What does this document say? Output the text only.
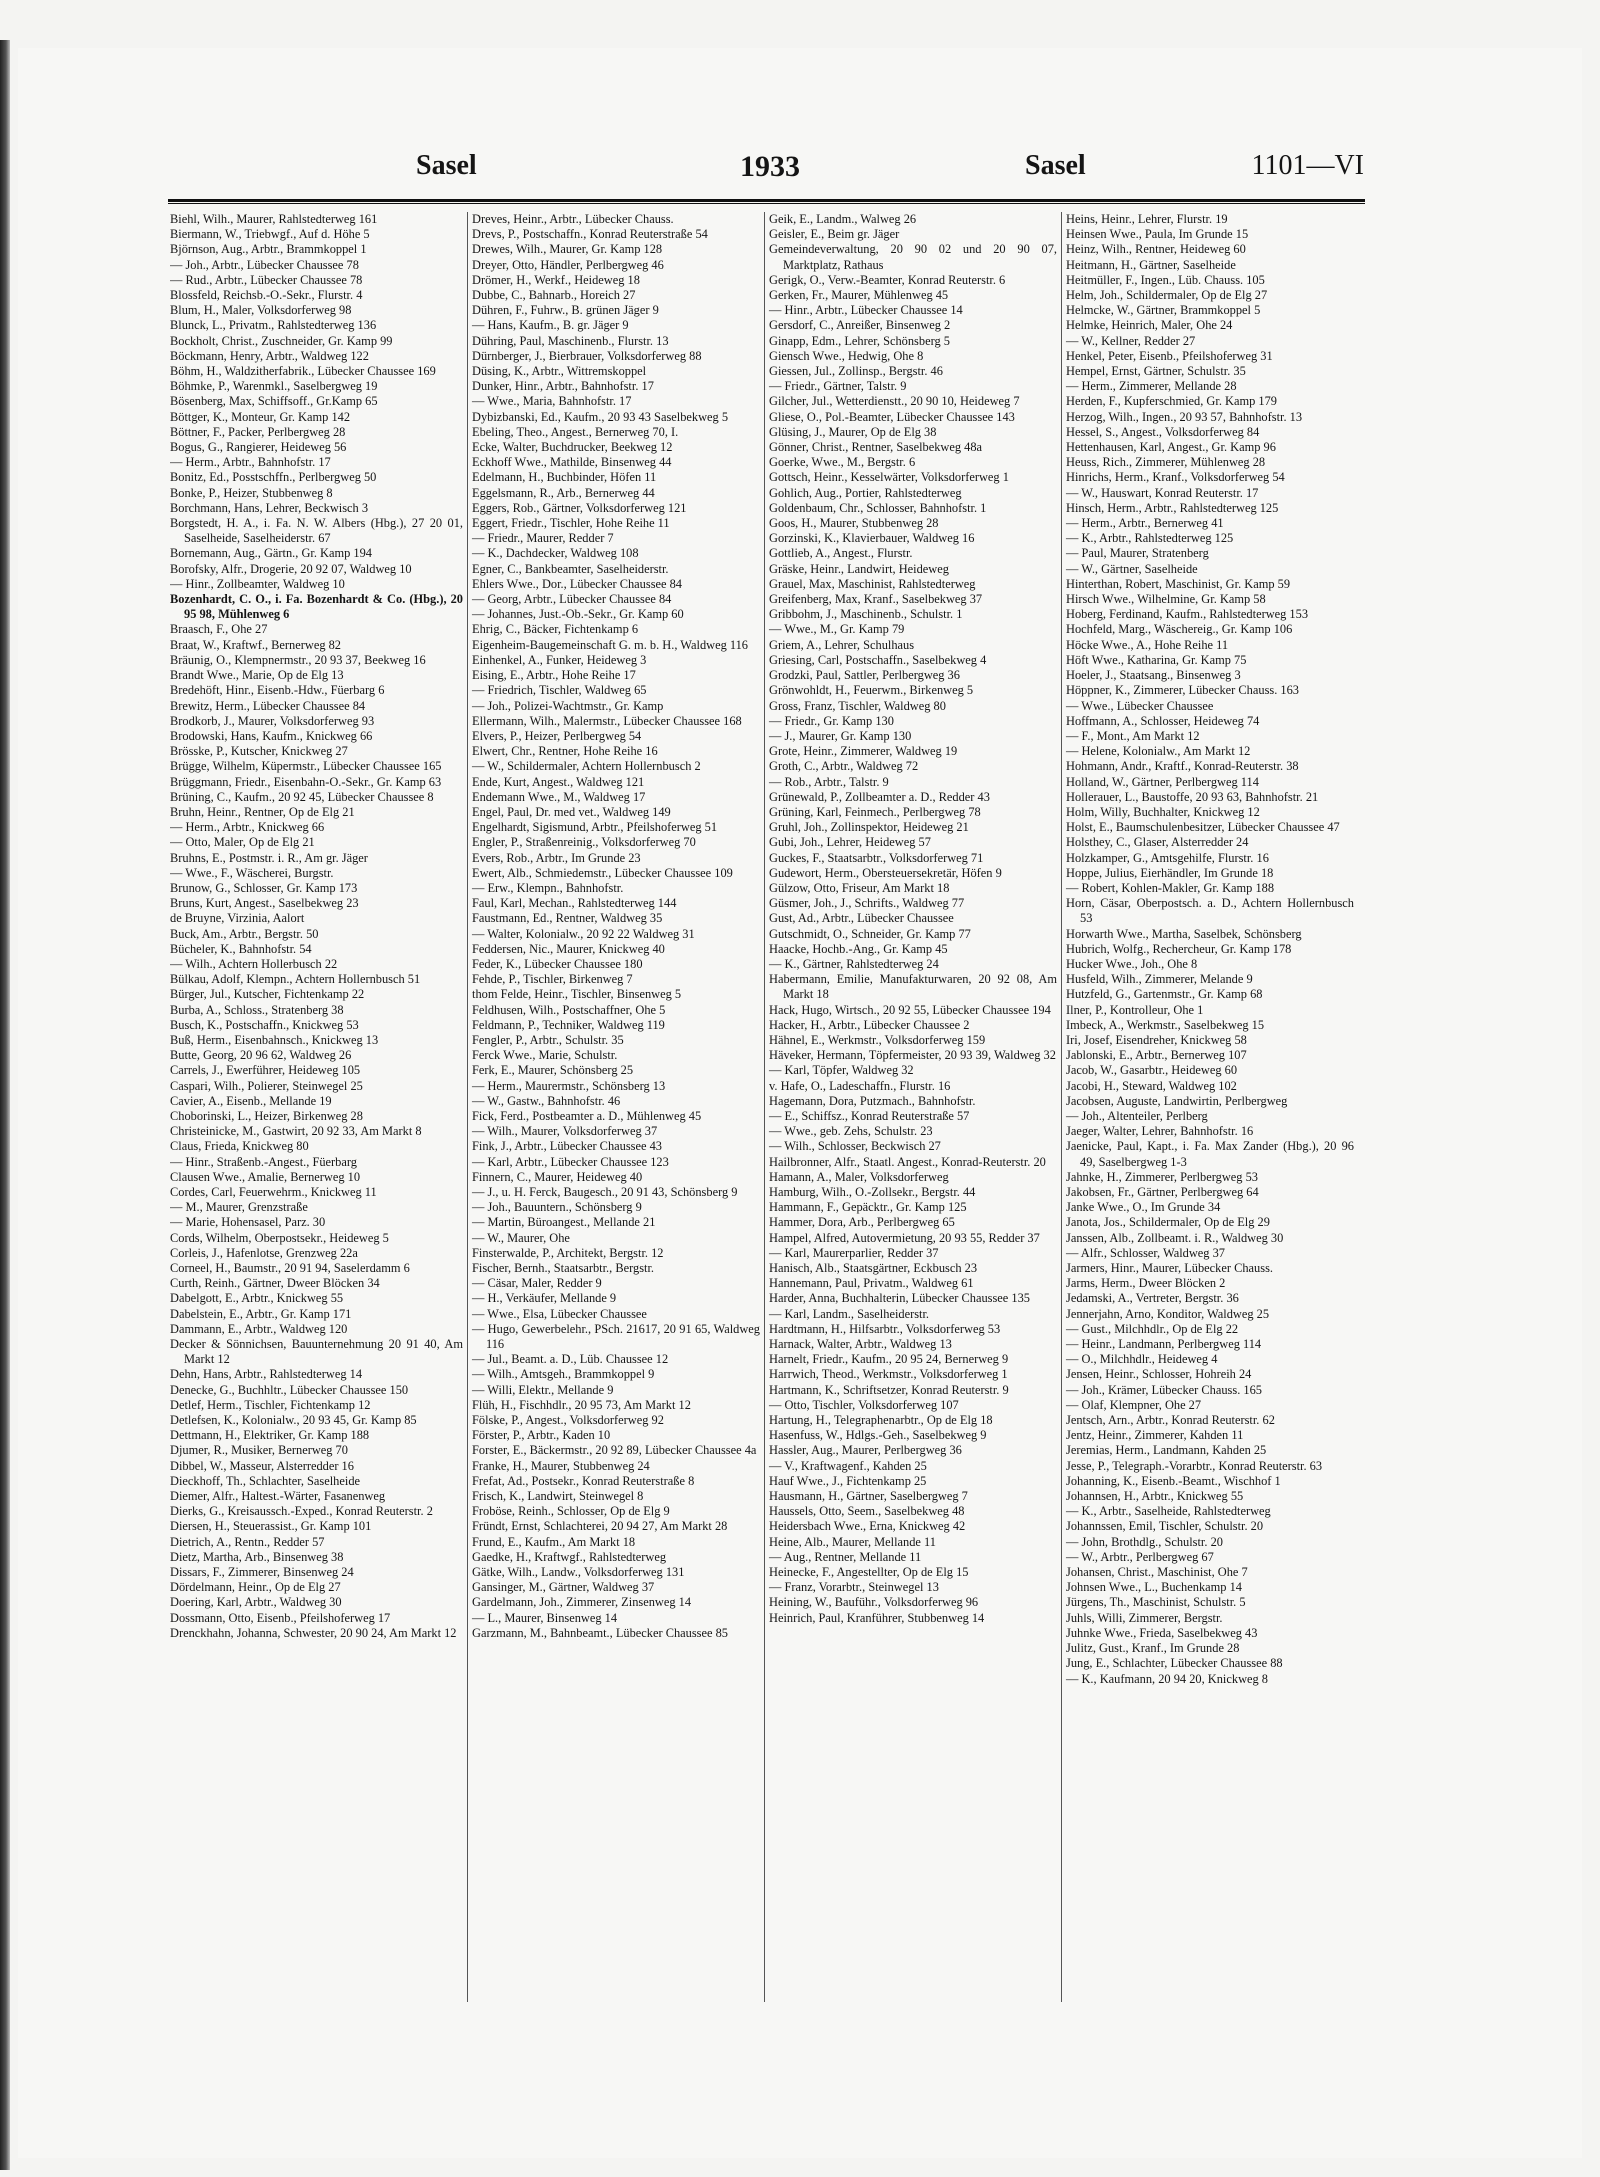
Sasel	1933	Sasel	1101—VI
Biehl, Wilh., Maurer, Rahlstedterweg 161
Biermann, W., Triebwgf., Auf d. Höhe 5
Björnson, Aug., Arbtr., Brammkoppel 1
— Joh., Arbtr., Lübecker Chaussee 78
— Rud., Arbtr., Lübecker Chaussee 78
Blossfeld, Reichsb.-O.-Sekr., Flurstr. 4
Blum, H., Maler, Volksdorferweg 98
Blunck, L., Privatm., Rahlstedterweg 136
Bockholt, Christ., Zuschneider, Gr. Kamp 99
Böckmann, Henry, Arbtr., Waldweg 122
Böhm, H., Waldzitherfabrik., Lübecker Chaussee 169
Böhmke, P., Warenmkl., Saselbergweg 19
Bösenberg, Max, Schiffsoff., Gr.Kamp 65
Böttger, K., Monteur, Gr. Kamp 142
Böttner, F., Packer, Perlbergweg 28
Bogus, G., Rangierer, Heideweg 56
— Herm., Arbtr., Bahnhofstr. 17
Bonitz, Ed., Posstschffn., Perlbergweg 50
Bonke, P., Heizer, Stubbenweg 8
Borchmann, Hans, Lehrer, Beckwisch 3
Borgstedt, H. A., i. Fa. N. W. Albers (Hbg.), 27 20 01, Saselheide, Saselheiderstr. 67
Bornemann, Aug., Gärtn., Gr. Kamp 194
Borofsky, Alfr., Drogerie, 20 92 07, Waldweg 10
— Hinr., Zollbeamter, Waldweg 10
Bozenhardt, C. O., i. Fa. Bozenhardt & Co. (Hbg.), 20 95 98, Mühlenweg 6
Braasch, F., Ohe 27
Braat, W., Kraftwf., Bernerweg 82
Bräunig, O., Klempnermstr., 20 93 37, Beekweg 16
Brandt Wwe., Marie, Op de Elg 13
Bredehöft, Hinr., Eisenb.-Hdw., Füerbarg 6
Brewitz, Herm., Lübecker Chaussee 84
Brodkorb, J., Maurer, Volksdorferweg 93
Brodowski, Hans, Kaufm., Knickweg 66
Brösske, P., Kutscher, Knickweg 27
Brügge, Wilhelm, Küpermstr., Lübecker Chaussee 165
Brüggmann, Friedr., Eisenbahn-O.-Sekr., Gr. Kamp 63
Brüning, C., Kaufm., 20 92 45, Lübecker Chaussee 8
Bruhn, Heinr., Rentner, Op de Elg 21
— Herm., Arbtr., Knickweg 66
— Otto, Maler, Op de Elg 21
Bruhns, E., Postmstr. i. R., Am gr. Jäger
— Wwe., F., Wäscherei, Burgstr.
Brunow, G., Schlosser, Gr. Kamp 173
Bruns, Kurt, Angest., Saselbekweg 23
de Bruyne, Virzinia, Aalort
Buck, Am., Arbtr., Bergstr. 50
Bücheler, K., Bahnhofstr. 54
— Wilh., Achtern Hollerbusch 22
Bülkau, Adolf, Klempn., Achtern Hollernbusch 51
Bürger, Jul., Kutscher, Fichtenkamp 22
Burba, A., Schloss., Stratenberg 38
Busch, K., Postschaffn., Knickweg 53
Buß, Herm., Eisenbahnsch., Knickweg 13
Butte, Georg, 20 96 62, Waldweg 26
Carrels, J., Ewerführer, Heideweg 105
Caspari, Wilh., Polierer, Steinwegel 25
Cavier, A., Eisenb., Mellande 19
Choborinski, L., Heizer, Birkenweg 28
Christeinicke, M., Gastwirt, 20 92 33, Am Markt 8
Claus, Frieda, Knickweg 80
— Hinr., Straßenb.-Angest., Füerbarg
Clausen Wwe., Amalie, Bernerweg 10
Cordes, Carl, Feuerwehrm., Knickweg 11
— M., Maurer, Grenzstraße
— Marie, Hohensasel, Parz. 30
Cords, Wilhelm, Oberpostsekr., Heideweg 5
Corleis, J., Hafenlotse, Grenzweg 22a
Corneel, H., Baumstr., 20 91 94, Saselerdamm 6
Curth, Reinh., Gärtner, Dweer Blöcken 34
Dabelgott, E., Arbtr., Knickweg 55
Dabelstein, E., Arbtr., Gr. Kamp 171
Dammann, E., Arbtr., Waldweg 120
Decker & Sönnichsen, Bauunternehmung 20 91 40, Am Markt 12
Dehn, Hans, Arbtr., Rahlstedterweg 14
Denecke, G., Buchhltr., Lübecker Chaussee 150
Detlef, Herm., Tischler, Fichtenkamp 12
Detlefsen, K., Kolonialw., 20 93 45, Gr. Kamp 85
Dettmann, H., Elektriker, Gr. Kamp 188
Djumer, R., Musiker, Bernerweg 70
Dibbel, W., Masseur, Alsterredder 16
Dieckhoff, Th., Schlachter, Saselheide
Diemer, Alfr., Haltest.-Wärter, Fasanenweg
Dierks, G., Kreisaussch.-Exped., Konrad Reuterstr. 2
Diersen, H., Steuerassist., Gr. Kamp 101
Dietrich, A., Rentn., Redder 57
Dietz, Martha, Arb., Binsenweg 38
Dissars, F., Zimmerer, Binsenweg 24
Dördelmann, Heinr., Op de Elg 27
Doering, Karl, Arbtr., Waldweg 30
Dossmann, Otto, Eisenb., Pfeilshoferweg 17
Drenckhahn, Johanna, Schwester, 20 90 24, Am Markt 12
Dreves, Heinr., Arbtr., Lübecker Chauss.
Drevs, P., Postschaffn., Konrad Reuterstraße 54
Drewes, Wilh., Maurer, Gr. Kamp 128
Dreyer, Otto, Händler, Perlbergweg 46
Drömer, H., Werkf., Heideweg 18
Dubbe, C., Bahnarb., Horeich 27
Dühren, F., Fuhrw., B. grünen Jäger 9
— Hans, Kaufm., B. gr. Jäger 9
Dühring, Paul, Maschinenb., Flurstr. 13
Dürnberger, J., Bierbrauer, Volksdorferweg 88
Düsing, K., Arbtr., Wittremskoppel
Dunker, Hinr., Arbtr., Bahnhofstr. 17
— Wwe., Maria, Bahnhofstr. 17
Dybizbanski, Ed., Kaufm., 20 93 43 Saselbekweg 5
Ebeling, Theo., Angest., Bernerweg 70, I.
Ecke, Walter, Buchdrucker, Beekweg 12
Eckhoff Wwe., Mathilde, Binsenweg 44
Edelmann, H., Buchbinder, Höfen 11
Eggelsmann, R., Arb., Bernerweg 44
Eggers, Rob., Gärtner, Volksdorferweg 121
Eggert, Friedr., Tischler, Hohe Reihe 11
— Friedr., Maurer, Redder 7
— K., Dachdecker, Waldweg 108
Egner, C., Bankbeamter, Saselheiderstr.
Ehlers Wwe., Dor., Lübecker Chaussee 84
— Georg, Arbtr., Lübecker Chaussee 84
— Johannes, Just.-Ob.-Sekr., Gr. Kamp 60
Ehrig, C., Bäcker, Fichtenkamp 6
Eigenheim-Baugemeinschaft G. m. b. H., Waldweg 116
Einhenkel, A., Funker, Heideweg 3
Eising, E., Arbtr., Hohe Reihe 17
— Friedrich, Tischler, Waldweg 65
— Joh., Polizei-Wachtmstr., Gr. Kamp
Ellermann, Wilh., Malermstr., Lübecker Chaussee 168
Elvers, P., Heizer, Perlbergweg 54
Elwert, Chr., Rentner, Hohe Reihe 16
— W., Schildermaler, Achtern Hollernbusch 2
Ende, Kurt, Angest., Waldweg 121
Endemann Wwe., M., Waldweg 17
Engel, Paul, Dr. med vet., Waldweg 149
Engelhardt, Sigismund, Arbtr., Pfeilshoferweg 51
Engler, P., Straßenreinig., Volksdorferweg 70
Evers, Rob., Arbtr., Im Grunde 23
Ewert, Alb., Schmiedemstr., Lübecker Chaussee 109
— Erw., Klempn., Bahnhofstr.
Faul, Karl, Mechan., Rahlstedterweg 144
Faustmann, Ed., Rentner, Waldweg 35
— Walter, Kolonialw., 20 92 22 Waldweg 31
Feddersen, Nic., Maurer, Knickweg 40
Feder, K., Lübecker Chaussee 180
Fehde, P., Tischler, Birkenweg 7
thom Felde, Heinr., Tischler, Binsenweg 5
Feldhusen, Wilh., Postschaffner, Ohe 5
Feldmann, P., Techniker, Waldweg 119
Fengler, P., Arbtr., Schulstr. 35
Ferck Wwe., Marie, Schulstr.
Ferk, E., Maurer, Schönsberg 25
— Herm., Maurermstr., Schönsberg 13
— W., Gastw., Bahnhofstr. 46
Fick, Ferd., Postbeamter a. D., Mühlenweg 45
— Wilh., Maurer, Volksdorferweg 37
Fink, J., Arbtr., Lübecker Chaussee 43
— Karl, Arbtr., Lübecker Chaussee 123
Finnern, C., Maurer, Heideweg 40
— J., u. H. Ferck, Baugesch., 20 91 43, Schönsberg 9
— Joh., Bauuntern., Schönsberg 9
— Martin, Büroangest., Mellande 21
— W., Maurer, Ohe
Finsterwalde, P., Architekt, Bergstr. 12
Fischer, Bernh., Staatsarbtr., Bergstr.
— Cäsar, Maler, Redder 9
— H., Verkäufer, Mellande 9
— Wwe., Elsa, Lübecker Chaussee
— Hugo, Gewerbelehr., PSch. 21617, 20 91 65, Waldweg 116
— Jul., Beamt. a. D., Lüb. Chaussee 12
— Wilh., Amtsgeh., Brammkoppel 9
— Willi, Elektr., Mellande 9
Flüh, H., Fischhdlr., 20 95 73, Am Markt 12
Fölske, P., Angest., Volksdorferweg 92
Förster, P., Arbtr., Kaden 10
Forster, E., Bäckermstr., 20 92 89, Lübecker Chaussee 4a
Franke, H., Maurer, Stubbenweg 24
Frefat, Ad., Postsekr., Konrad Reuterstraße 8
Frisch, K., Landwirt, Steinwegel 8
Froböse, Reinh., Schlosser, Op de Elg 9
Fründt, Ernst, Schlachterei, 20 94 27, Am Markt 28
Frund, E., Kaufm., Am Markt 18
Gaedke, H., Kraftwgf., Rahlstedterweg
Gätke, Wilh., Landw., Volksdorferweg 131
Gansinger, M., Gärtner, Waldweg 37
Gardelmann, Joh., Zimmerer, Zinsenweg 14
— L., Maurer, Binsenweg 14
Garzmann, M., Bahnbeamt., Lübecker Chaussee 85
Geik, E., Landm., Walweg 26
Geisler, E., Beim gr. Jäger
Gemeindeverwaltung, 20 90 02 und 20 90 07, Marktplatz, Rathaus
Gerigk, O., Verw.-Beamter, Konrad Reuterstr. 6
Gerken, Fr., Maurer, Mühlenweg 45
— Hinr., Arbtr., Lübecker Chaussee 14
Gersdorf, C., Anreißer, Binsenweg 2
Ginapp, Edm., Lehrer, Schönsberg 5
Giensch Wwe., Hedwig, Ohe 8
Giessen, Jul., Zollinsp., Bergstr. 46
— Friedr., Gärtner, Talstr. 9
Gilcher, Jul., Wetterdienstt., 20 90 10, Heideweg 7
Gliese, O., Pol.-Beamter, Lübecker Chaussee 143
Glüsing, J., Maurer, Op de Elg 38
Gönner, Christ., Rentner, Saselbekweg 48a
Goerke, Wwe., M., Bergstr. 6
Gottsch, Heinr., Kesselwärter, Volksdorferweg 1
Gohlich, Aug., Portier, Rahlstedterweg
Goldenbaum, Chr., Schlosser, Bahnhofstr. 1
Goos, H., Maurer, Stubbenweg 28
Gorzinski, K., Klavierbauer, Waldweg 16
Gottlieb, A., Angest., Flurstr.
Gräske, Heinr., Landwirt, Heideweg
Grauel, Max, Maschinist, Rahlstedterweg
Greifenberg, Max, Kranf., Saselbekweg 37
Gribbohm, J., Maschinenb., Schulstr. 1
— Wwe., M., Gr. Kamp 79
Griem, A., Lehrer, Schulhaus
Griesing, Carl, Postschaffn., Saselbekweg 4
Grodzki, Paul, Sattler, Perlbergweg 36
Grönwohldt, H., Feuerwm., Birkenweg 5
Gross, Franz, Tischler, Waldweg 80
— Friedr., Gr. Kamp 130
— J., Maurer, Gr. Kamp 130
Grote, Heinr., Zimmerer, Waldweg 19
Groth, C., Arbtr., Waldweg 72
— Rob., Arbtr., Talstr. 9
Grünewald, P., Zollbeamter a. D., Redder 43
Grüning, Karl, Feinmech., Perlbergweg 78
Gruhl, Joh., Zollinspektor, Heideweg 21
Gubi, Joh., Lehrer, Heideweg 57
Guckes, F., Staatsarbtr., Volksdorferweg 71
Gudewort, Herm., Obersteuersekretär, Höfen 9
Gülzow, Otto, Friseur, Am Markt 18
Güsmer, Joh., J., Schrifts., Waldweg 77
Gust, Ad., Arbtr., Lübecker Chaussee
Gutschmidt, O., Schneider, Gr. Kamp 77
Haacke, Hochb.-Ang., Gr. Kamp 45
— K., Gärtner, Rahlstedterweg 24
Habermann, Emilie, Manufakturwaren, 20 92 08, Am Markt 18
Hack, Hugo, Wirtsch., 20 92 55, Lübecker Chaussee 194
Hacker, H., Arbtr., Lübecker Chaussee 2
Hähnel, E., Werkmstr., Volksdorferweg 159
Häveker, Hermann, Töpfermeister, 20 93 39, Waldweg 32
— Karl, Töpfer, Waldweg 32
v. Hafe, O., Ladeschaffn., Flurstr. 16
Hagemann, Dora, Putzmach., Bahnhofstr.
— E., Schiffsz., Konrad Reuterstraße 57
— Wwe., geb. Zehs, Schulstr. 23
— Wilh., Schlosser, Beckwisch 27
Hailbronner, Alfr., Staatl. Angest., Konrad-Reuterstr. 20
Hamann, A., Maler, Volksdorferweg
Hamburg, Wilh., O.-Zollsekr., Bergstr. 44
Hammann, F., Gepäcktr., Gr. Kamp 125
Hammer, Dora, Arb., Perlbergweg 65
Hampel, Alfred, Autovermietung, 20 93 55, Redder 37
— Karl, Maurerparlier, Redder 37
Hanisch, Alb., Staatsgärtner, Eckbusch 23
Hannemann, Paul, Privatm., Waldweg 61
Harder, Anna, Buchhalterin, Lübecker Chaussee 135
— Karl, Landm., Saselheiderstr.
Hardtmann, H., Hilfsarbtr., Volksdorferweg 53
Harnack, Walter, Arbtr., Waldweg 13
Harnelt, Friedr., Kaufm., 20 95 24, Bernerweg 9
Harrwich, Theod., Werkmstr., Volksdorferweg 1
Hartmann, K., Schriftsetzer, Konrad Reuterstr. 9
— Otto, Tischler, Volksdorferweg 107
Hartung, H., Telegraphenarbtr., Op de Elg 18
Hasenfuss, W., Hdlgs.-Geh., Saselbekweg 9
Hassler, Aug., Maurer, Perlbergweg 36
— V., Kraftwagenf., Kahden 25
Hauf Wwe., J., Fichtenkamp 25
Hausmann, H., Gärtner, Saselbergweg 7
Haussels, Otto, Seem., Saselbekweg 48
Heidersbach Wwe., Erna, Knickweg 42
Heine, Alb., Maurer, Mellande 11
— Aug., Rentner, Mellande 11
Heinecke, F., Angestellter, Op de Elg 15
— Franz, Vorarbtr., Steinwegel 13
Heining, W., Bauführ., Volksdorferweg 96
Heinrich, Paul, Kranführer, Stubbenweg 14
Heins, Heinr., Lehrer, Flurstr. 19
Heinsen Wwe., Paula, Im Grunde 15
Heinz, Wilh., Rentner, Heideweg 60
Heitmann, H., Gärtner, Saselheide
Heitmüller, F., Ingen., Lüb. Chauss. 105
Helm, Joh., Schildermaler, Op de Elg 27
Helmcke, W., Gärtner, Brammkoppel 5
Helmke, Heinrich, Maler, Ohe 24
— W., Kellner, Redder 27
Henkel, Peter, Eisenb., Pfeilshoferweg 31
Hempel, Ernst, Gärtner, Schulstr. 35
— Herm., Zimmerer, Mellande 28
Herden, F., Kupferschmied, Gr. Kamp 179
Herzog, Wilh., Ingen., 20 93 57, Bahnhofstr. 13
Hessel, S., Angest., Volksdorferweg 84
Hettenhausen, Karl, Angest., Gr. Kamp 96
Heuss, Rich., Zimmerer, Mühlenweg 28
Hinrichs, Herm., Kranf., Volksdorferweg 54
— W., Hauswart, Konrad Reuterstr. 17
Hinsch, Herm., Arbtr., Rahlstedterweg 125
— Herm., Arbtr., Bernerweg 41
— K., Arbtr., Rahlstedterweg 125
— Paul, Maurer, Stratenberg
— W., Gärtner, Saselheide
Hinterthan, Robert, Maschinist, Gr. Kamp 59
Hirsch Wwe., Wilhelmine, Gr. Kamp 58
Hoberg, Ferdinand, Kaufm., Rahlstedterweg 153
Hochfeld, Marg., Wäschereig., Gr. Kamp 106
Höcke Wwe., A., Hohe Reihe 11
Höft Wwe., Katharina, Gr. Kamp 75
Hoeler, J., Staatsang., Binsenweg 3
Höppner, K., Zimmerer, Lübecker Chauss. 163
— Wwe., Lübecker Chaussee
Hoffmann, A., Schlosser, Heideweg 74
— F., Mont., Am Markt 12
— Helene, Kolonialw., Am Markt 12
Hohmann, Andr., Kraftf., Konrad-Reuterstr. 38
Holland, W., Gärtner, Perlbergweg 114
Hollerauer, L., Baustoffe, 20 93 63, Bahnhofstr. 21
Holm, Willy, Buchhalter, Knickweg 12
Holst, E., Baumschulenbesitzer, Lübecker Chaussee 47
Holsthey, C., Glaser, Alsterredder 24
Holzkamper, G., Amtsgehilfe, Flurstr. 16
Hoppe, Julius, Eierhändler, Im Grunde 18
— Robert, Kohlen-Makler, Gr. Kamp 188
Horn, Cäsar, Oberpostsch. a. D., Achtern Hollernbusch 53
Horwarth Wwe., Martha, Saselbek, Schönsberg
Hubrich, Wolfg., Rechercheur, Gr. Kamp 178
Hucker Wwe., Joh., Ohe 8
Husfeld, Wilh., Zimmerer, Melande 9
Hutzfeld, G., Gartenmstr., Gr. Kamp 68
Ilner, P., Kontrolleur, Ohe 1
Imbeck, A., Werkmstr., Saselbekweg 15
Iri, Josef, Eisendreher, Knickweg 58
Jablonski, E., Arbtr., Bernerweg 107
Jacob, W., Gasarbtr., Heideweg 60
Jacobi, H., Steward, Waldweg 102
Jacobsen, Auguste, Landwirtin, Perlbergweg
— Joh., Altenteiler, Perlberg
Jaeger, Walter, Lehrer, Bahnhofstr. 16
Jaenicke, Paul, Kapt., i. Fa. Max Zander (Hbg.), 20 96 49, Saselbergweg 1-3
Jahnke, H., Zimmerer, Perlbergweg 53
Jakobsen, Fr., Gärtner, Perlbergweg 64
Janke Wwe., O., Im Grunde 34
Janota, Jos., Schildermaler, Op de Elg 29
Janssen, Alb., Zollbeamt. i. R., Waldweg 30
— Alfr., Schlosser, Waldweg 37
Jarmers, Hinr., Maurer, Lübecker Chauss.
Jarms, Herm., Dweer Blöcken 2
Jedamski, A., Vertreter, Bergstr. 36
Jennerjahn, Arno, Konditor, Waldweg 25
— Gust., Milchhdlr., Op de Elg 22
— Heinr., Landmann, Perlbergweg 114
— O., Milchhdlr., Heideweg 4
Jensen, Heinr., Schlosser, Hohreih 24
— Joh., Krämer, Lübecker Chauss. 165
— Olaf, Klempner, Ohe 27
Jentsch, Arn., Arbtr., Konrad Reuterstr. 62
Jentz, Heinr., Zimmerer, Kahden 11
Jeremias, Herm., Landmann, Kahden 25
Jesse, P., Telegraph.-Vorarbtr., Konrad Reuterstr. 63
Johanning, K., Eisenb.-Beamt., Wischhof 1
Johannsen, H., Arbtr., Knickweg 55
— K., Arbtr., Saselheide, Rahlstedterweg
Johannssen, Emil, Tischler, Schulstr. 20
— John, Brothdlg., Schulstr. 20
— W., Arbtr., Perlbergweg 67
Johansen, Christ., Maschinist, Ohe 7
Johnsen Wwe., L., Buchenkamp 14
Jürgens, Th., Maschinist, Schulstr. 5
Juhls, Willi, Zimmerer, Bergstr.
Juhnke Wwe., Frieda, Saselbekweg 43
Julitz, Gust., Kranf., Im Grunde 28
Jung, E., Schlachter, Lübecker Chaussee 88
— K., Kaufmann, 20 94 20, Knickweg 8
